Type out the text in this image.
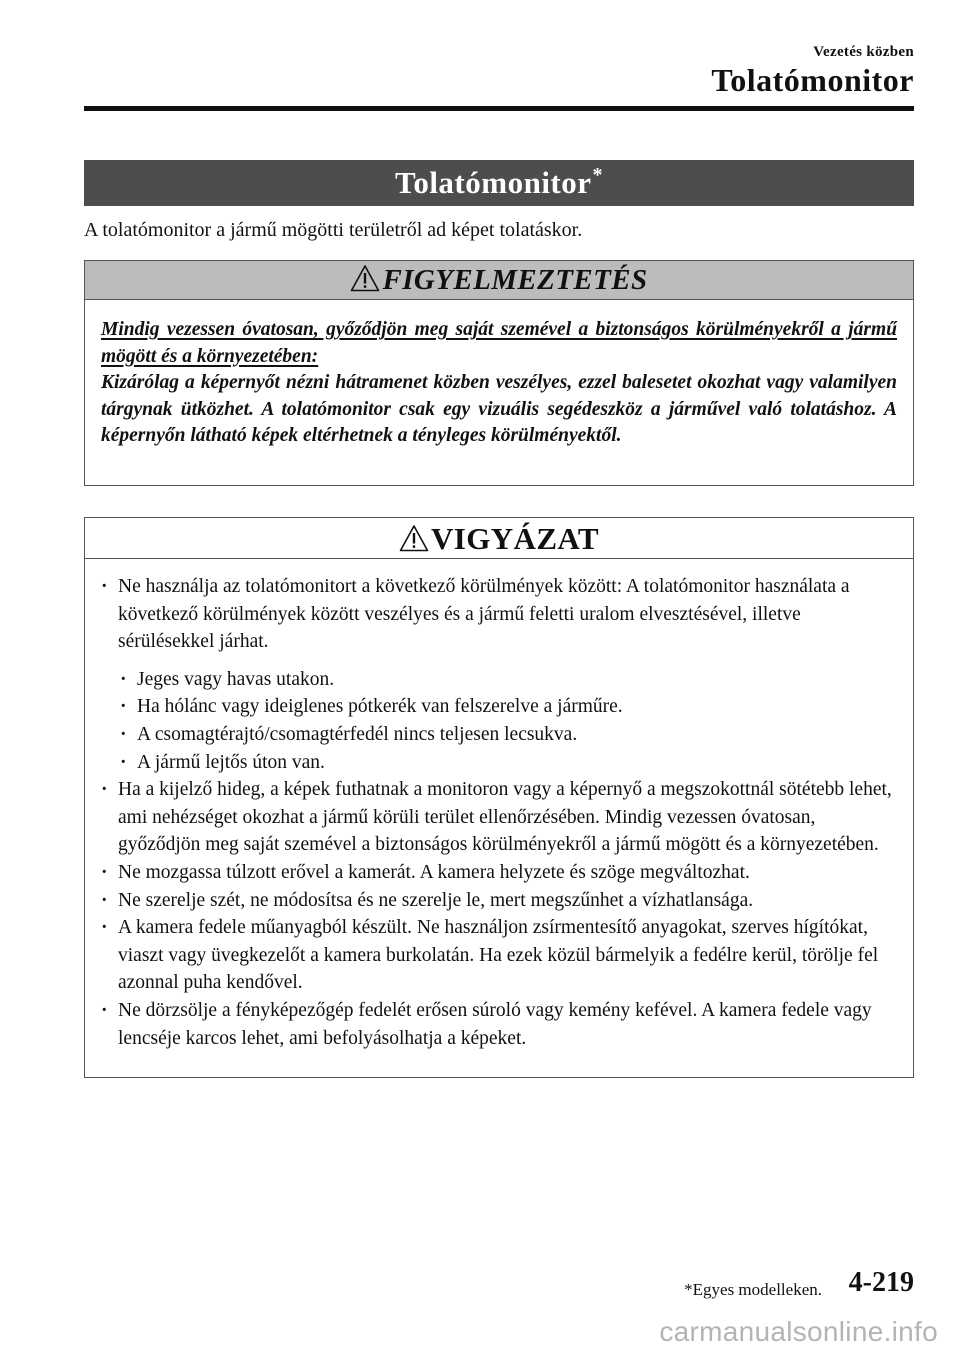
Vezetés közben
Tolatómonitor
Tolatómonitor*
A tolatómonitor a jármű mögötti területről ad képet tolatáskor.
FIGYELMEZTETÉS
Mindig vezessen óvatosan, győződjön meg saját szemével a biztonságos körülményekről a jármű mögött és a környezetében:
Kizárólag a képernyőt nézni hátramenet közben veszélyes, ezzel balesetet okozhat vagy valamilyen tárgynak ütközhet. A tolatómonitor csak egy vizuális segédeszköz a járművel való tolatáshoz. A képernyőn látható képek eltérhetnek a tényleges körülményektől.
VIGYÁZAT
· Ne használja az tolatómonitort a következő körülmények között: A tolatómonitor használata a következő körülmények között veszélyes és a jármű feletti uralom elvesztésével, illetve sérülésekkel járhat.
· Jeges vagy havas utakon.
· Ha hólánc vagy ideiglenes pótkerék van felszerelve a járműre.
· A csomagtérajtó/csomagtérfedél nincs teljesen lecsukva.
· A jármű lejtős úton van.
· Ha a kijelző hideg, a képek futhatnak a monitoron vagy a képernyő a megszokottnál sötétebb lehet, ami nehézséget okozhat a jármű körüli terület ellenőrzésében. Mindig vezessen óvatosan, győződjön meg saját szemével a biztonságos körülményekről a jármű mögött és a környezetében.
· Ne mozgassa túlzott erővel a kamerát. A kamera helyzete és szöge megváltozhat.
· Ne szerelje szét, ne módosítsa és ne szerelje le, mert megszűnhet a vízhatlansága.
· A kamera fedele műanyagból készült. Ne használjon zsírmentesítő anyagokat, szerves hígítókat, viaszt vagy üvegkezelőt a kamera burkolatán. Ha ezek közül bármelyik a fedélre kerül, törölje fel azonnal puha kendővel.
· Ne dörzsölje a fényképezőgép fedelét erősen súroló vagy kemény kefével. A kamera fedele vagy lencséje karcos lehet, ami befolyásolhatja a képeket.
*Egyes modelleken. 4-219
carmanualsonline.info
